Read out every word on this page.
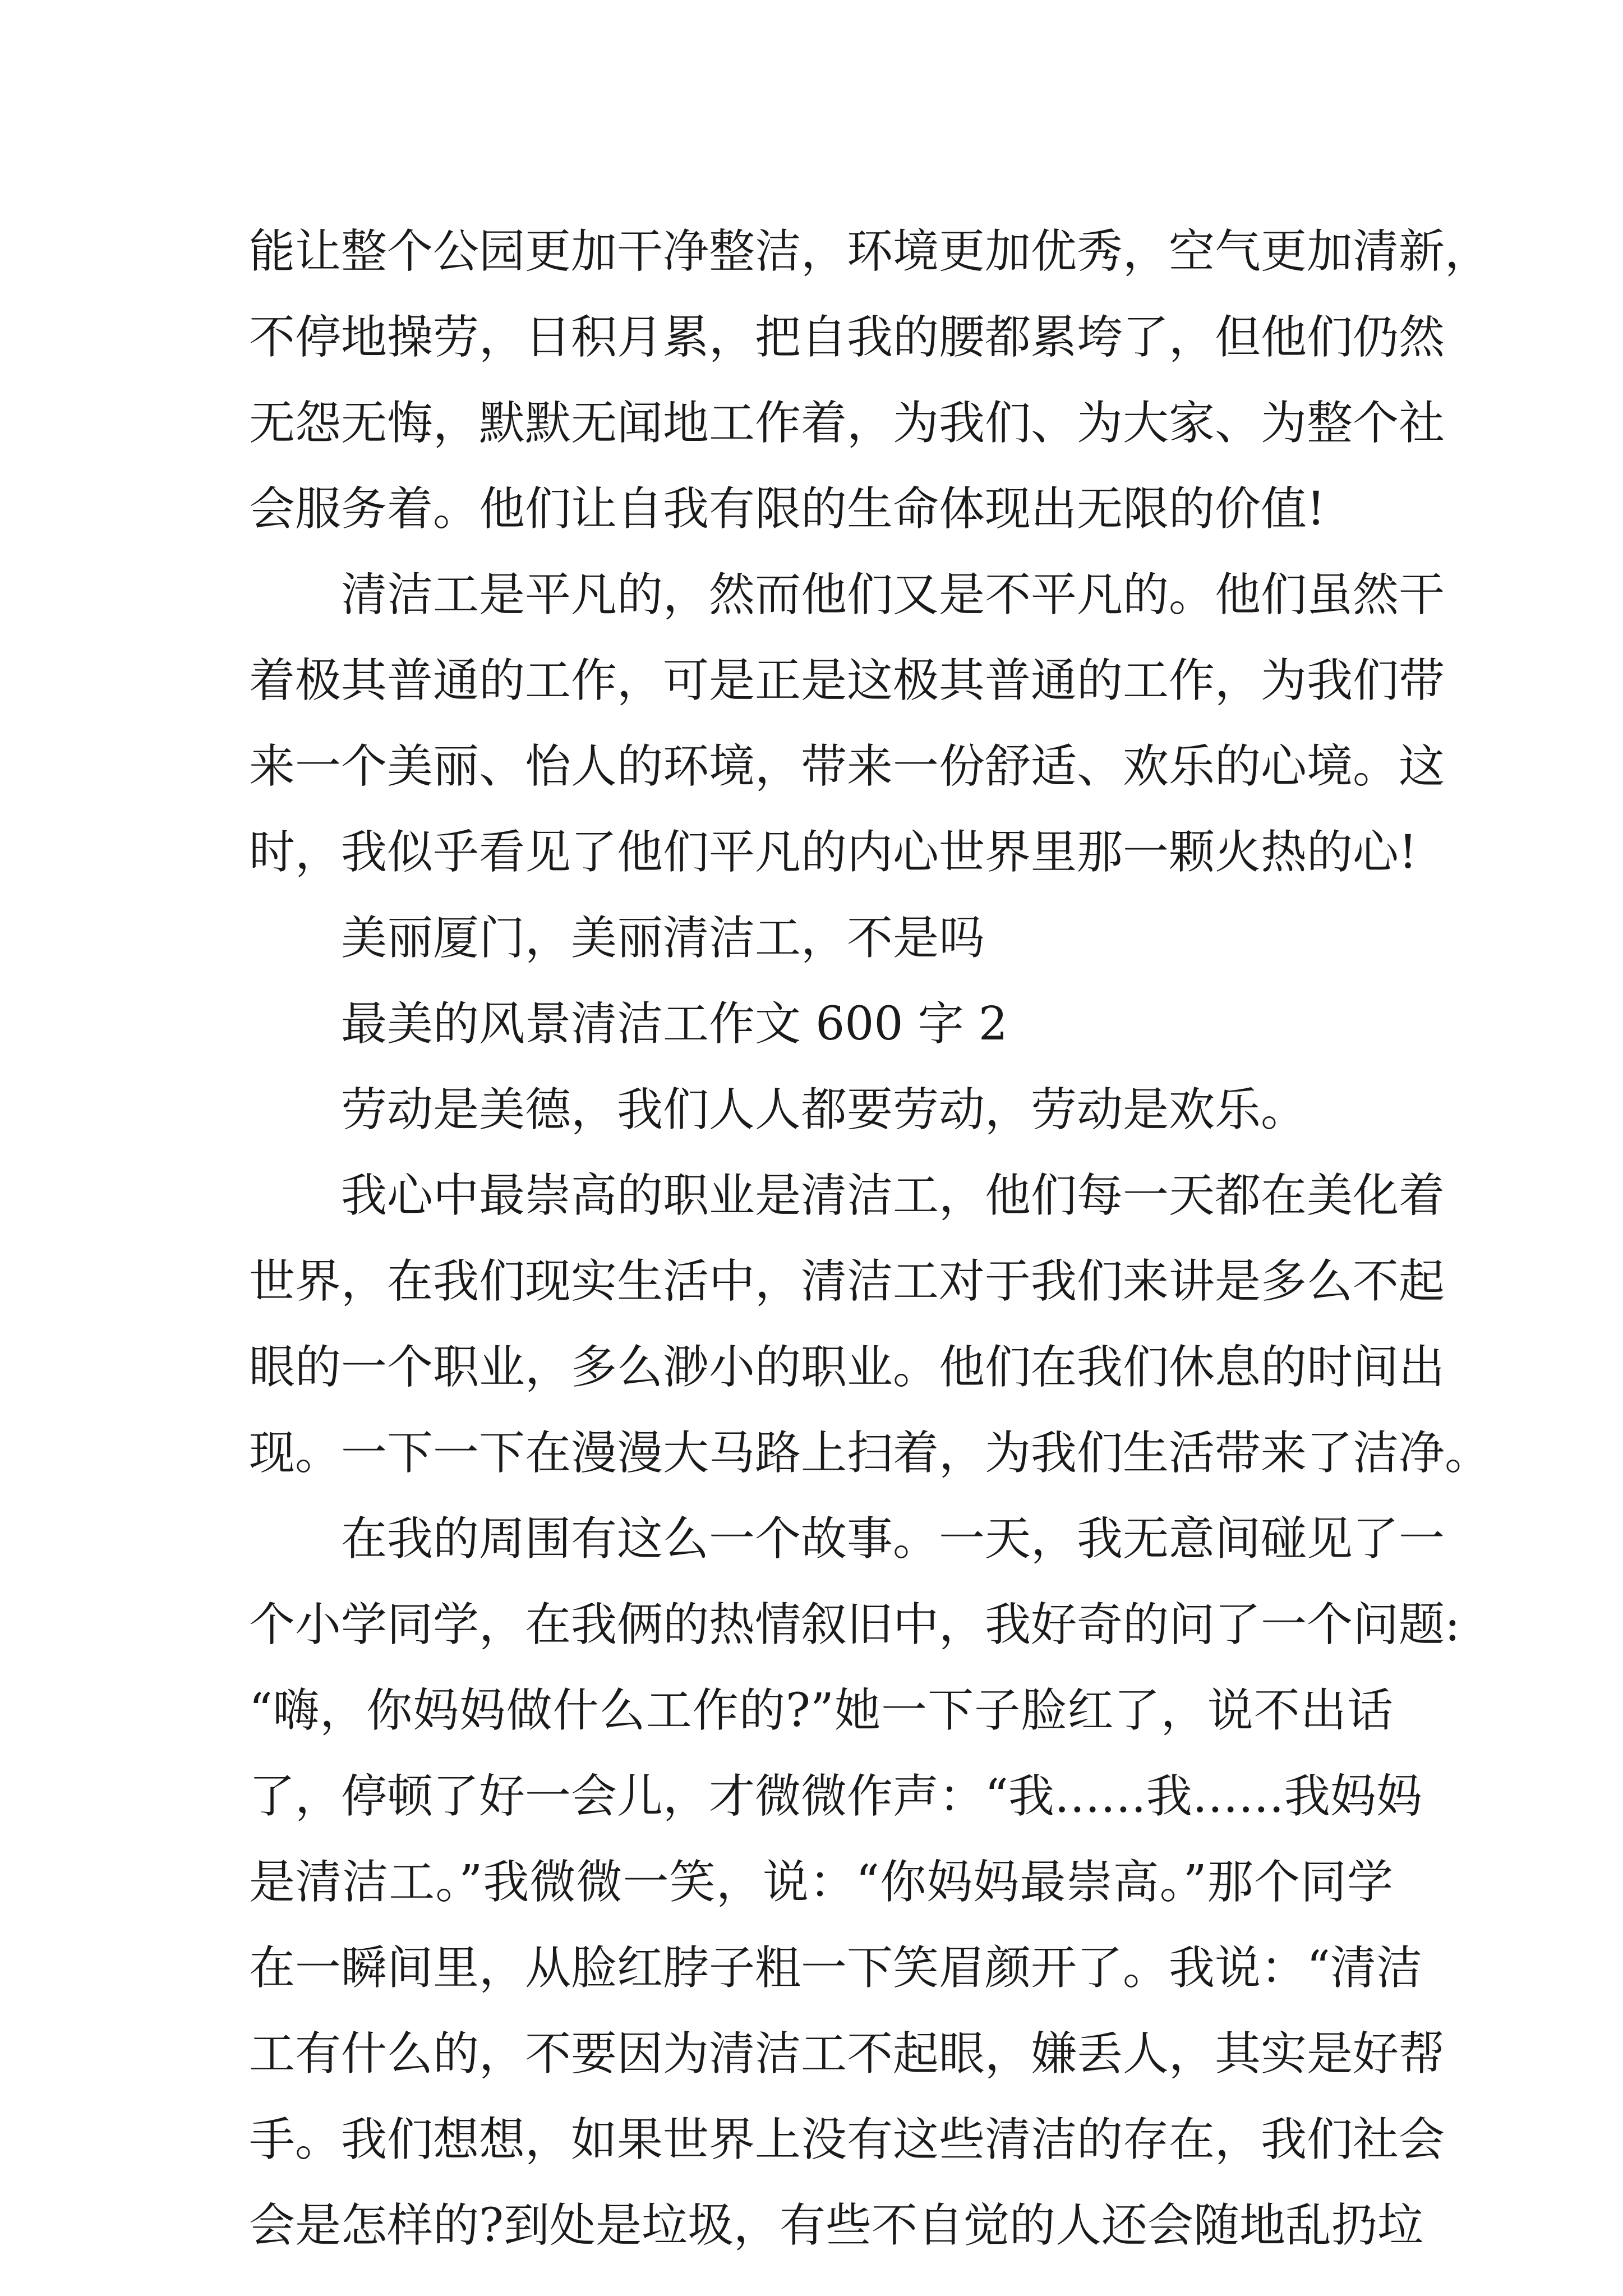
能让整个公园更加干净整洁，环境更加优秀，空气更加清新，
不停地操劳，日积月累，把自我的腰都累垮了，但他们仍然
无怨无悔，默默无闻地工作着，为我们、为大家、为整个社
会服务着。他们让自我有限的生命体现出无限的价值!
清洁工是平凡的，然而他们又是不平凡的。他们虽然干
着极其普通的工作，可是正是这极其普通的工作，为我们带
来一个美丽、怡人的环境，带来一份舒适、欢乐的心境。这
时，我似乎看见了他们平凡的内心世界里那一颗火热的心!
美丽厦门，美丽清洁工，不是吗
最美的风景清洁工作文 600 字 2
劳动是美德，我们人人都要劳动，劳动是欢乐。
我心中最崇高的职业是清洁工，他们每一天都在美化着
世界，在我们现实生活中，清洁工对于我们来讲是多么不起
眼的一个职业，多么渺小的职业。他们在我们休息的时间出
现。一下一下在漫漫大马路上扫着，为我们生活带来了洁净。
在我的周围有这么一个故事。一天，我无意间碰见了一
个小学同学，在我俩的热情叙旧中，我好奇的问了一个问题:
“嗨，你妈妈做什么工作的?”她一下子脸红了，说不出话
了，停顿了好一会儿，才微微作声：“我……我……我妈妈
是清洁工。”我微微一笑，说：“你妈妈最崇高。”那个同学
在一瞬间里，从脸红脖子粗一下笑眉颜开了。我说：“清洁
工有什么的，不要因为清洁工不起眼，嫌丢人，其实是好帮
手。我们想想，如果世界上没有这些清洁的存在，我们社会
会是怎样的?到处是垃圾，有些不自觉的人还会随地乱扔垃
